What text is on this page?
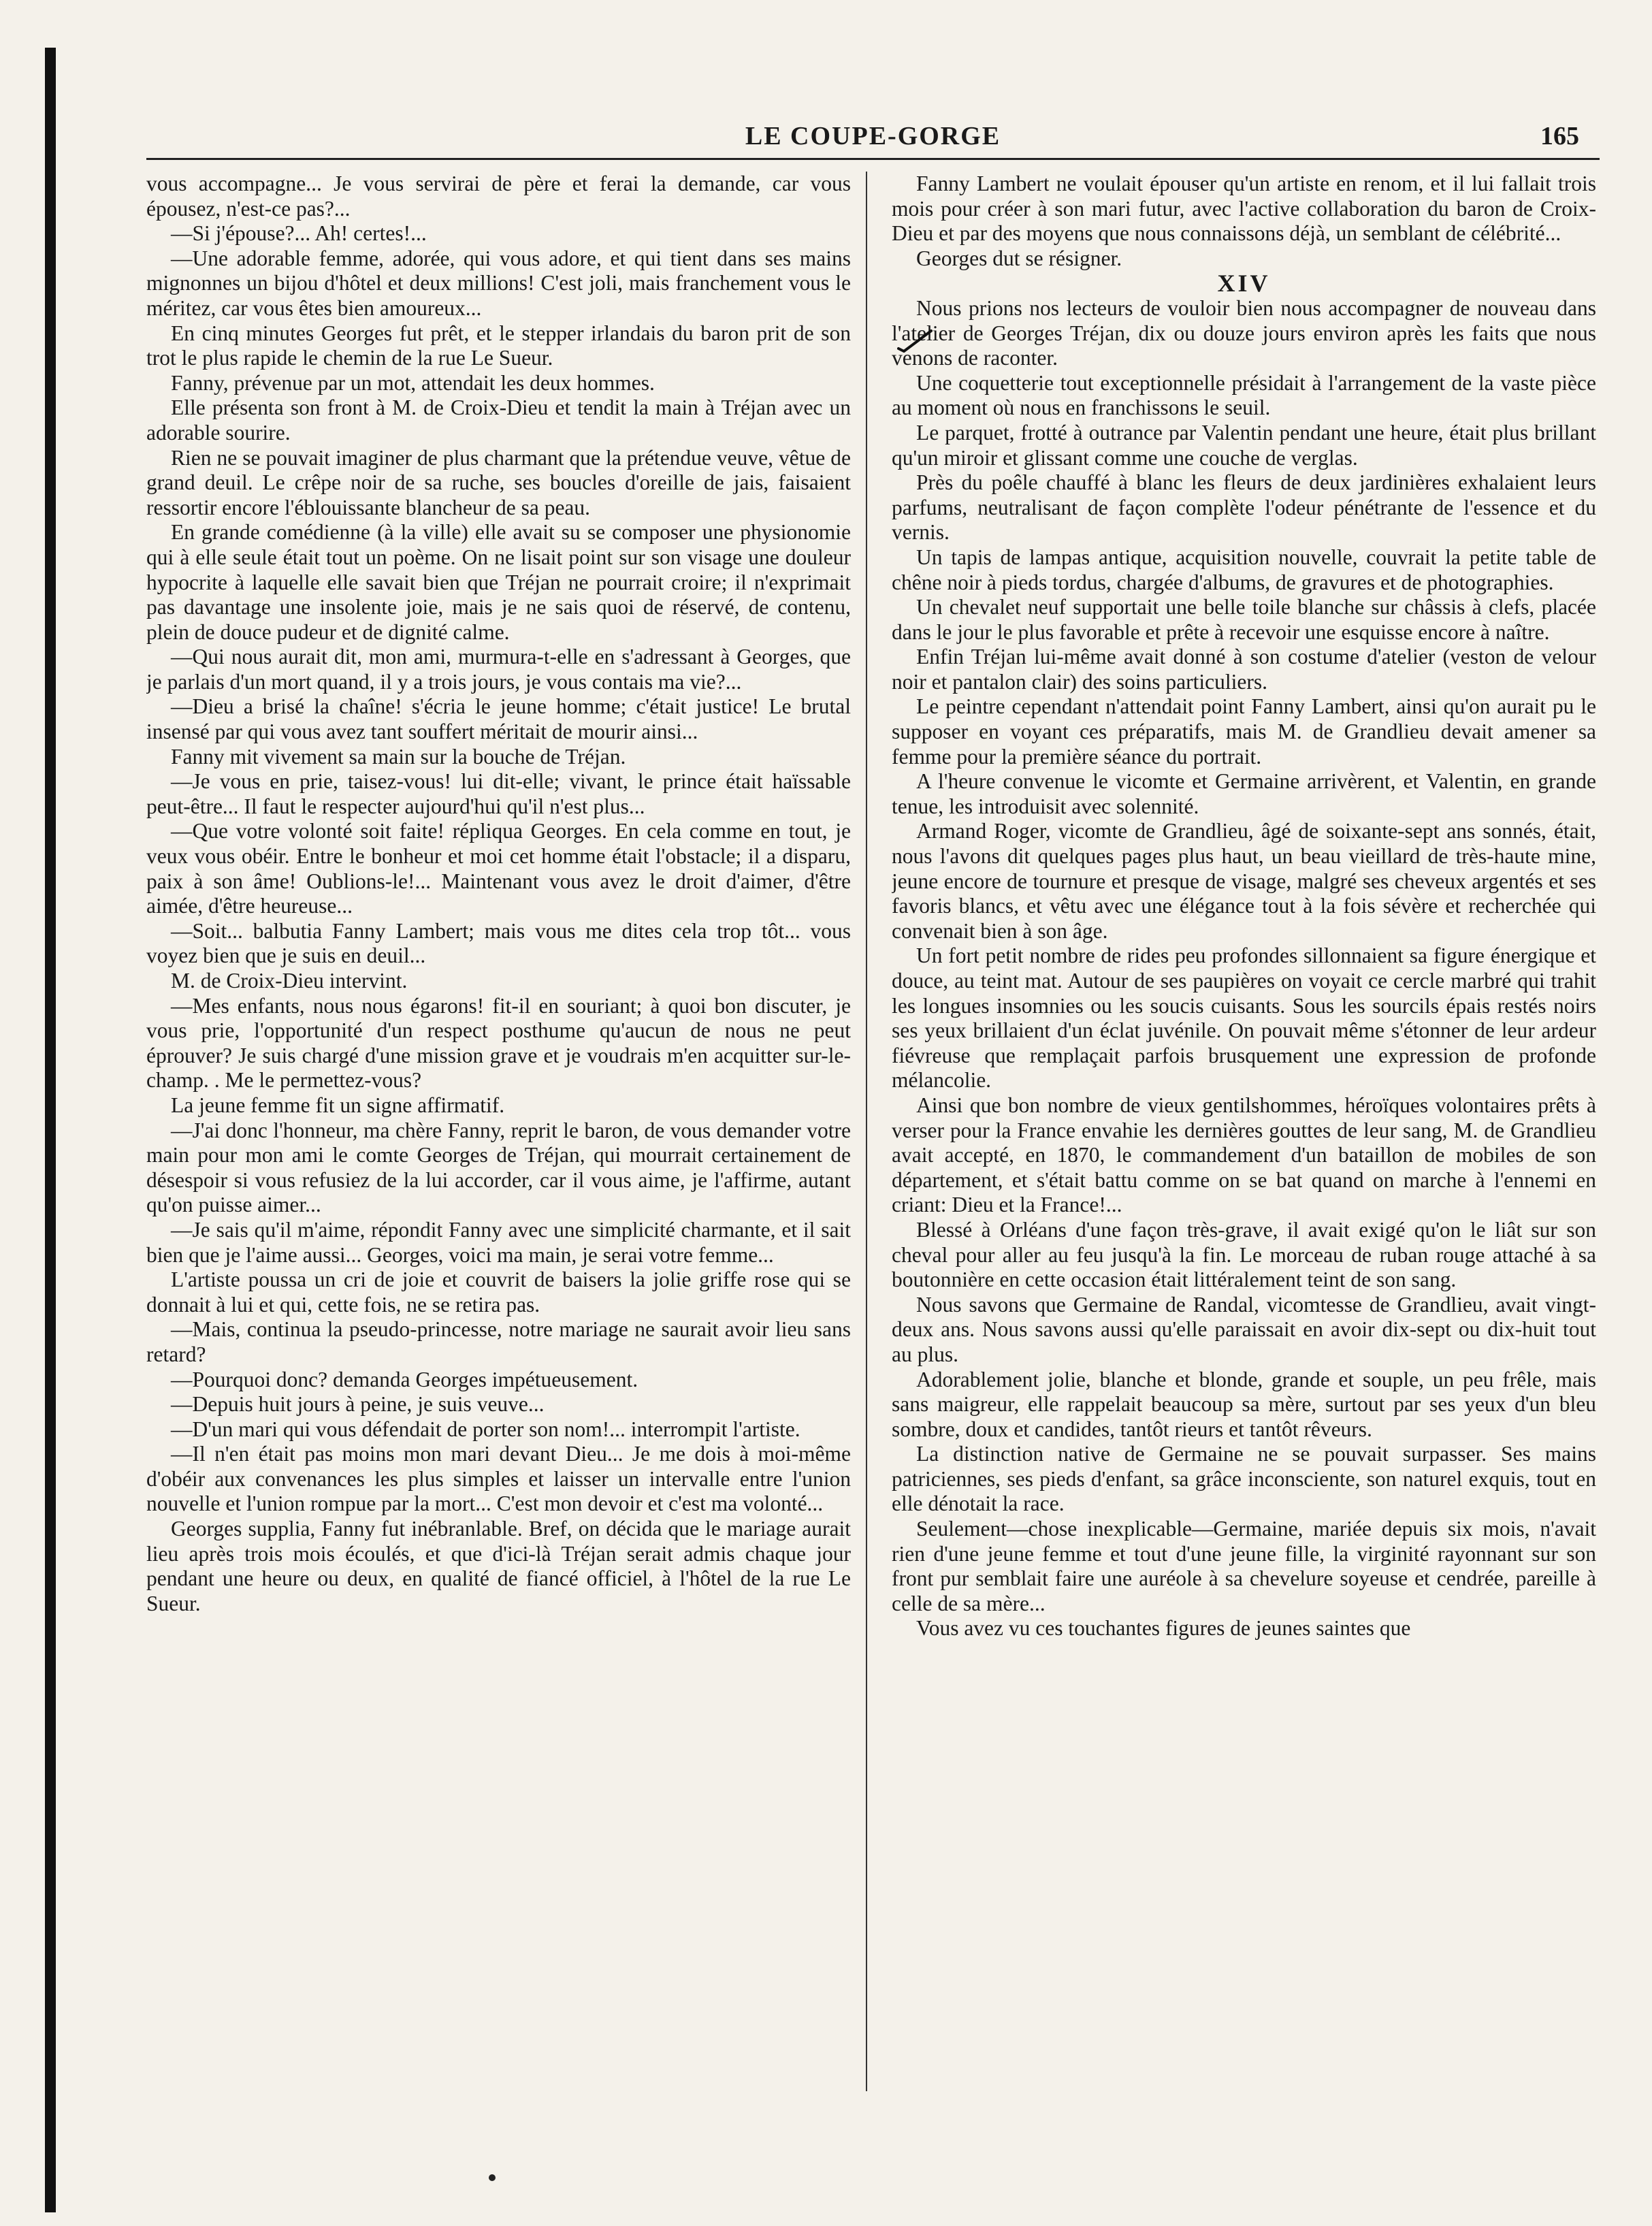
LE COUPE-GORGE	165

vous accompagne... Je vous servirai de père et ferai la demande, car vous épousez, n'est-ce pas?...

—Si j'épouse?... Ah! certes!...

—Une adorable femme, adorée, qui vous adore, et qui tient dans ses mains mignonnes un bijou d'hôtel et deux millions! C'est joli, mais franchement vous le méritez, car vous êtes bien amoureux...

En cinq minutes Georges fut prêt, et le stepper irlandais du baron prit de son trot le plus rapide le chemin de la rue Le Sueur.

Fanny, prévenue par un mot, attendait les deux hommes.

Elle présenta son front à M. de Croix-Dieu et tendit la main à Tréjan avec un adorable sourire.

Rien ne se pouvait imaginer de plus charmant que la prétendue veuve, vêtue de grand deuil. Le crêpe noir de sa ruche, ses boucles d'oreille de jais, faisaient ressortir encore l'éblouissante blancheur de sa peau.

En grande comédienne (à la ville) elle avait su se composer une physionomie qui à elle seule était tout un poème. On ne lisait point sur son visage une douleur hypocrite à laquelle elle savait bien que Tréjan ne pourrait croire; il n'exprimait pas davantage une insolente joie, mais je ne sais quoi de réservé, de contenu, plein de douce pudeur et de dignité calme.

—Qui nous aurait dit, mon ami, murmura-t-elle en s'adressant à Georges, que je parlais d'un mort quand, il y a trois jours, je vous contais ma vie?...

—Dieu a brisé la chaîne! s'écria le jeune homme; c'était justice! Le brutal insensé par qui vous avez tant souffert méritait de mourir ainsi...

Fanny mit vivement sa main sur la bouche de Tréjan.

—Je vous en prie, taisez-vous! lui dit-elle; vivant, le prince était haïssable peut-être... Il faut le respecter aujourd'hui qu'il n'est plus...

—Que votre volonté soit faite! répliqua Georges. En cela comme en tout, je veux vous obéir. Entre le bonheur et moi cet homme était l'obstacle; il a disparu, paix à son âme! Oublions-le!... Maintenant vous avez le droit d'aimer, d'être aimée, d'être heureuse...

—Soit... balbutia Fanny Lambert; mais vous me dites cela trop tôt... vous voyez bien que je suis en deuil...

M. de Croix-Dieu intervint.

—Mes enfants, nous nous égarons! fit-il en souriant; à quoi bon discuter, je vous prie, l'opportunité d'un respect posthume qu'aucun de nous ne peut éprouver? Je suis chargé d'une mission grave et je voudrais m'en acquitter sur-le-champ. . Me le permettez-vous?

La jeune femme fit un signe affirmatif.

—J'ai donc l'honneur, ma chère Fanny, reprit le baron, de vous demander votre main pour mon ami le comte Georges de Tréjan, qui mourrait certainement de désespoir si vous refusiez de la lui accorder, car il vous aime, je l'affirme, autant qu'on puisse aimer...

—Je sais qu'il m'aime, répondit Fanny avec une simplicité charmante, et il sait bien que je l'aime aussi... Georges, voici ma main, je serai votre femme...

L'artiste poussa un cri de joie et couvrit de baisers la jolie griffe rose qui se donnait à lui et qui, cette fois, ne se retira pas.

—Mais, continua la pseudo-princesse, notre mariage ne saurait avoir lieu sans retard?

—Pourquoi donc? demanda Georges impétueusement.

—Depuis huit jours à peine, je suis veuve...

—D'un mari qui vous défendait de porter son nom!... interrompit l'artiste.

—Il n'en était pas moins mon mari devant Dieu... Je me dois à moi-même d'obéir aux convenances les plus simples et laisser un intervalle entre l'union nouvelle et l'union rompue par la mort... C'est mon devoir et c'est ma volonté...

Georges supplia, Fanny fut inébranlable. Bref, on décida que le mariage aurait lieu après trois mois écoulés, et que d'ici-là Tréjan serait admis chaque jour pendant une heure ou deux, en qualité de fiancé officiel, à l'hôtel de la rue Le Sueur.

Fanny Lambert ne voulait épouser qu'un artiste en renom, et il lui fallait trois mois pour créer à son mari futur, avec l'active collaboration du baron de Croix-Dieu et par des moyens que nous connaissons déjà, un semblant de célébrité...

Georges dut se résigner.

XIV

Nous prions nos lecteurs de vouloir bien nous accompagner de nouveau dans l'atelier de Georges Tréjan, dix ou douze jours environ après les faits que nous venons de raconter.

Une coquetterie tout exceptionnelle présidait à l'arrangement de la vaste pièce au moment où nous en franchissons le seuil.

Le parquet, frotté à outrance par Valentin pendant une heure, était plus brillant qu'un miroir et glissant comme une couche de verglas.

Près du poêle chauffé à blanc les fleurs de deux jardinières exhalaient leurs parfums, neutralisant de façon complète l'odeur pénétrante de l'essence et du vernis.

Un tapis de lampas antique, acquisition nouvelle, couvrait la petite table de chêne noir à pieds tordus, chargée d'albums, de gravures et de photographies.

Un chevalet neuf supportait une belle toile blanche sur châssis à clefs, placée dans le jour le plus favorable et prête à recevoir une esquisse encore à naître.

Enfin Tréjan lui-même avait donné à son costume d'atelier (veston de velour noir et pantalon clair) des soins particuliers.

Le peintre cependant n'attendait point Fanny Lambert, ainsi qu'on aurait pu le supposer en voyant ces préparatifs, mais M. de Grandlieu devait amener sa femme pour la première séance du portrait.

A l'heure convenue le vicomte et Germaine arrivèrent, et Valentin, en grande tenue, les introduisit avec solennité.

Armand Roger, vicomte de Grandlieu, âgé de soixante-sept ans sonnés, était, nous l'avons dit quelques pages plus haut, un beau vieillard de très-haute mine, jeune encore de tournure et presque de visage, malgré ses cheveux argentés et ses favoris blancs, et vêtu avec une élégance tout à la fois sévère et recherchée qui convenait bien à son âge.

Un fort petit nombre de rides peu profondes sillonnaient sa figure énergique et douce, au teint mat. Autour de ses paupières on voyait ce cercle marbré qui trahit les longues insomnies ou les soucis cuisants. Sous les sourcils épais restés noirs ses yeux brillaient d'un éclat juvénile. On pouvait même s'étonner de leur ardeur fiévreuse que remplaçait parfois brusquement une expression de profonde mélancolie.

Ainsi que bon nombre de vieux gentilshommes, héroïques volontaires prêts à verser pour la France envahie les dernières gouttes de leur sang, M. de Grandlieu avait accepté, en 1870, le commandement d'un bataillon de mobiles de son département, et s'était battu comme on se bat quand on marche à l'ennemi en criant: Dieu et la France!...

Blessé à Orléans d'une façon très-grave, il avait exigé qu'on le liât sur son cheval pour aller au feu jusqu'à la fin. Le morceau de ruban rouge attaché à sa boutonnière en cette occasion était littéralement teint de son sang.

Nous savons que Germaine de Randal, vicomtesse de Grandlieu, avait vingt-deux ans. Nous savons aussi qu'elle paraissait en avoir dix-sept ou dix-huit tout au plus.

Adorablement jolie, blanche et blonde, grande et souple, un peu frêle, mais sans maigreur, elle rappelait beaucoup sa mère, surtout par ses yeux d'un bleu sombre, doux et candides, tantôt rieurs et tantôt rêveurs.

La distinction native de Germaine ne se pouvait surpasser. Ses mains patriciennes, ses pieds d'enfant, sa grâce inconsciente, son naturel exquis, tout en elle dénotait la race.

Seulement—chose inexplicable—Germaine, mariée depuis six mois, n'avait rien d'une jeune femme et tout d'une jeune fille, la virginité rayonnant sur son front pur semblait faire une auréole à sa chevelure soyeuse et cendrée, pareille à celle de sa mère...

Vous avez vu ces touchantes figures de jeunes saintes que
